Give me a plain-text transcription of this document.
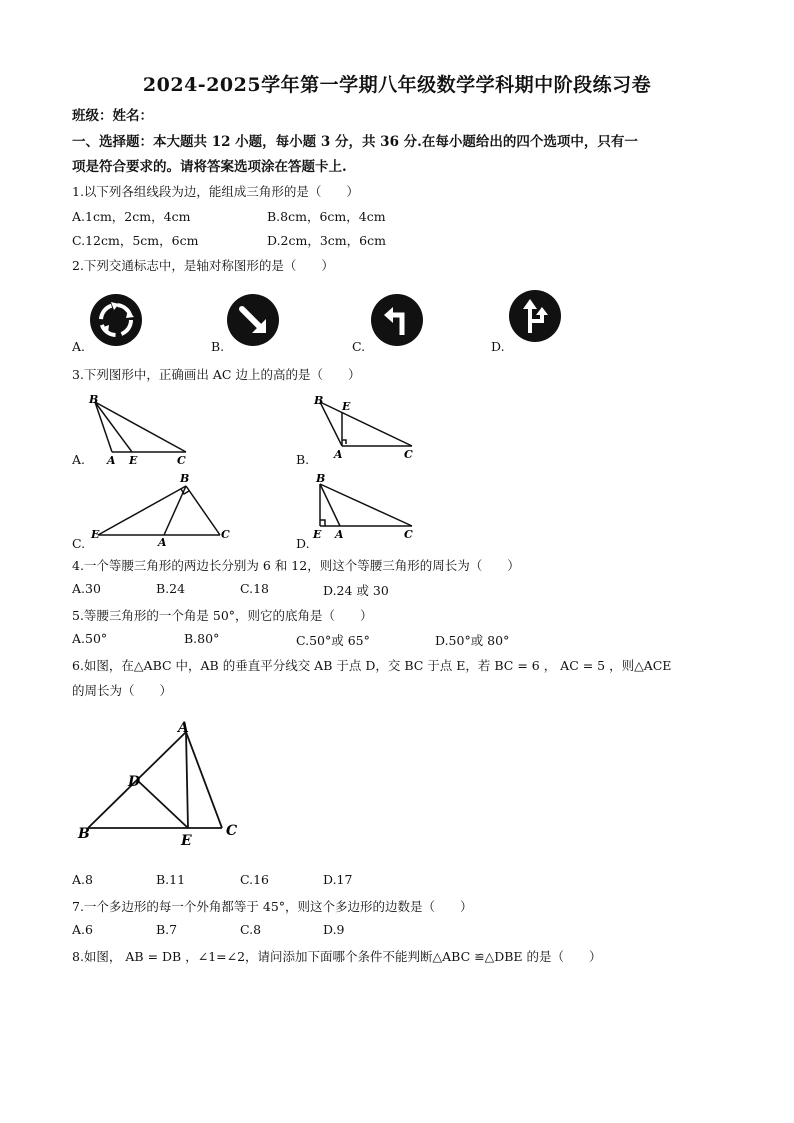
2024-2025学年第一学期八年级数学学科期中阶段练习卷
班级：姓名：
一、选择题：本大题共 12 小题，每小题 3 分，共 36 分.在每小题给出的四个选项中，只有一
项是符合要求的。请将答案选项涂在答题卡上.
1.以下列各组线段为边，能组成三角形的是（　　）
A.1cm，2cm，4cm	B.8cm，6cm，4cm
C.12cm，5cm，6cm	D.2cm，3cm，6cm
2.下列交通标志中，是轴对称图形的是（　　）
A.	B.	C.	D.
3.下列图形中，正确画出 AC 边上的高的是（　　）
B
A E	C
A.
B E
A	C
B.
B
E
A
C
C.
B
E A	C
D.
4.一个等腰三角形的两边长分别为 6 和 12，则这个等腰三角形的周长为（　　）
A.30	B.24	C.18	D.24 或 30
5.等腰三角形的一个角是 50°，则它的底角是（　　）
A.50°	B.80°	C.50°或 65°	D.50°或 80°
6.如图，在△ABC 中，AB 的垂直平分线交 AB 于点 D，交 BC 于点 E，若 BC = 6 ， AC = 5 ，则△ACE
的周长为（　　）
A
D
B	E
C
A.8	B.11	C.16	D.17
7.一个多边形的每一个外角都等于 45°，则这个多边形的边数是（　　）
A.6	B.7	C.8	D.9
8.如图， AB = DB ，∠1=∠2，请问添加下面哪个条件不能判断△ABC ≌△DBE 的是（　　）
